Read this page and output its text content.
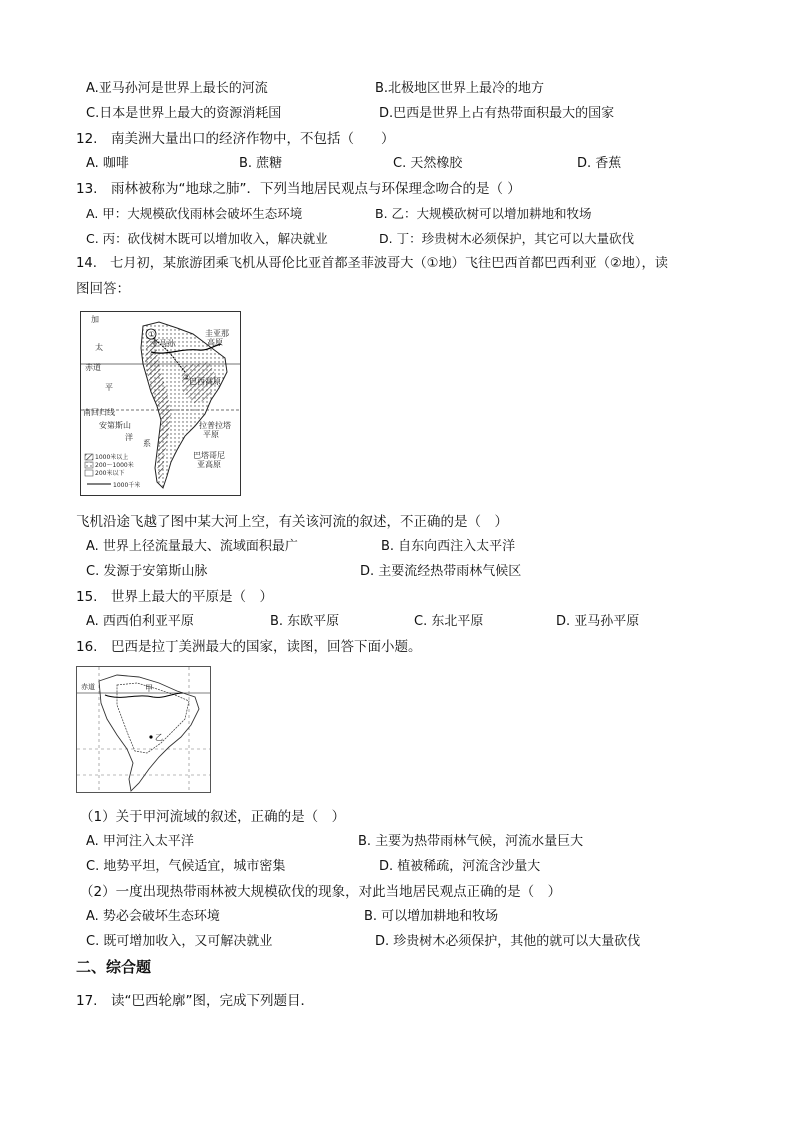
A.亚马孙河是世界上最长的河流	B.北极地区世界上最冷的地方
C.日本是世界上最大的资源消耗国	D.巴西是世界上占有热带面积最大的国家
12.　南美洲大量出口的经济作物中，不包括（　　）
A. 咖啡	B. 蔗糖	C. 天然橡胶	D. 香蕉
13.　雨林被称为“地球之肺”．下列当地居民观点与环保理念吻合的是（ ）
A. 甲：大规模砍伐雨林会破坏生态环境	B. 乙：大规模砍树可以增加耕地和牧场
C. 丙：砍伐树木既可以增加收入，解决就业	D. 丁：珍贵树木必须保护，其它可以大量砍伐
14.　七月初，某旅游团乘飞机从哥伦比亚首都圣菲波哥大（①地）飞往巴西首都巴西利亚（②地），读
图回答：
①
②
加
太
赤道
平
南回归线
安第斯山
洋
系
亚马孙
圭亚那
高原
巴西高原
拉普拉塔
平原
巴塔哥尼
亚高原
1000米以上
200～1000米
200米以下
1000千米
飞机沿途飞越了图中某大河上空，有关该河流的叙述，不正确的是（　）
A. 世界上径流量最大、流域面积最广	B. 自东向西注入太平洋
C. 发源于安第斯山脉	D. 主要流经热带雨林气候区
15.　世界上最大的平原是（　）
A. 西西伯利亚平原	B. 东欧平原	C. 东北平原	D. 亚马孙平原
16.　巴西是拉丁美洲最大的国家，读图，回答下面小题。
赤道	甲
乙
（1）关于甲河流域的叙述，正确的是（　）
A. 甲河注入太平洋	B. 主要为热带雨林气候，河流水量巨大
C. 地势平坦，气候适宜，城市密集	D. 植被稀疏，河流含沙量大
（2）一度出现热带雨林被大规模砍伐的现象，对此当地居民观点正确的是（　）
A. 势必会破坏生态环境	B. 可以增加耕地和牧场
C. 既可增加收入，又可解决就业	D. 珍贵树木必须保护，其他的就可以大量砍伐
二、综合题
17.　读“巴西轮廓”图，完成下列题目．
